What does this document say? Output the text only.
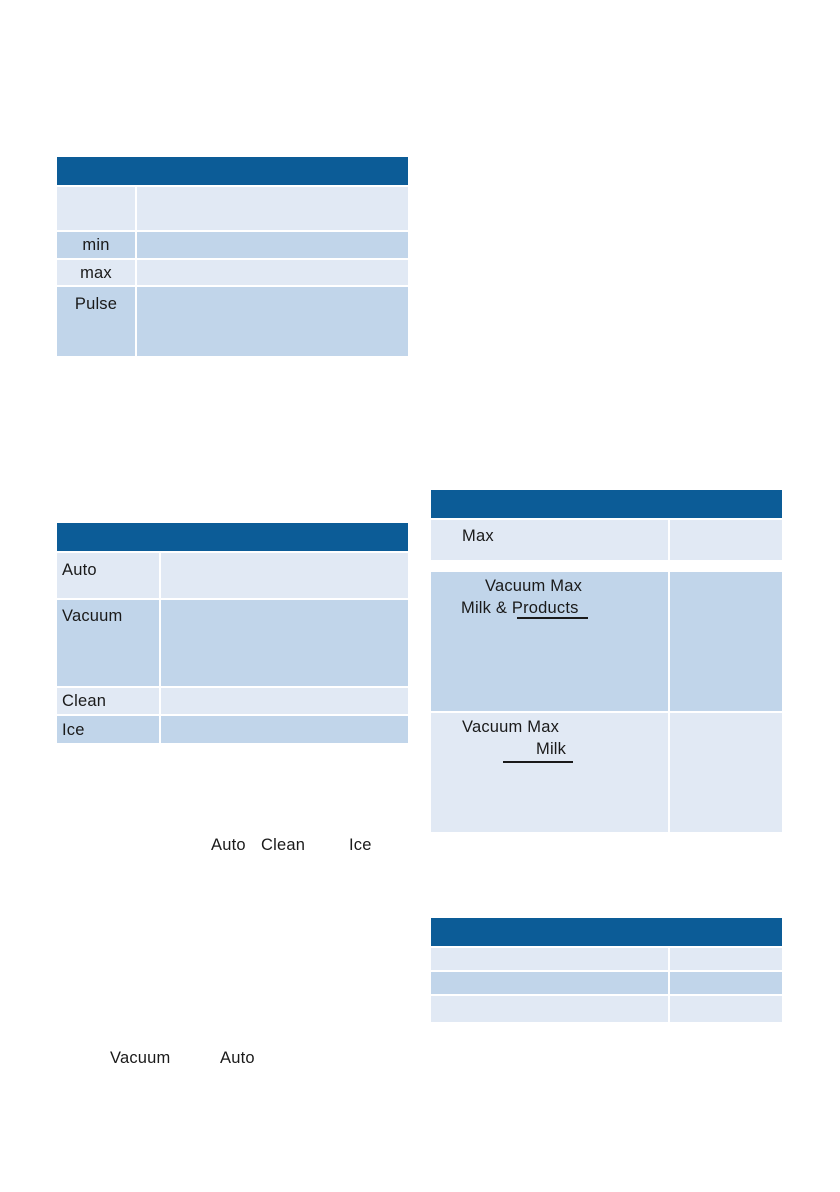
min
max
Pulse
Auto
Vacuum
Clean
Ice
Auto Clean	Ice
Vacuum	Auto
Max
Vacuum Max
Milk & Products
Vacuum Max
Milk
